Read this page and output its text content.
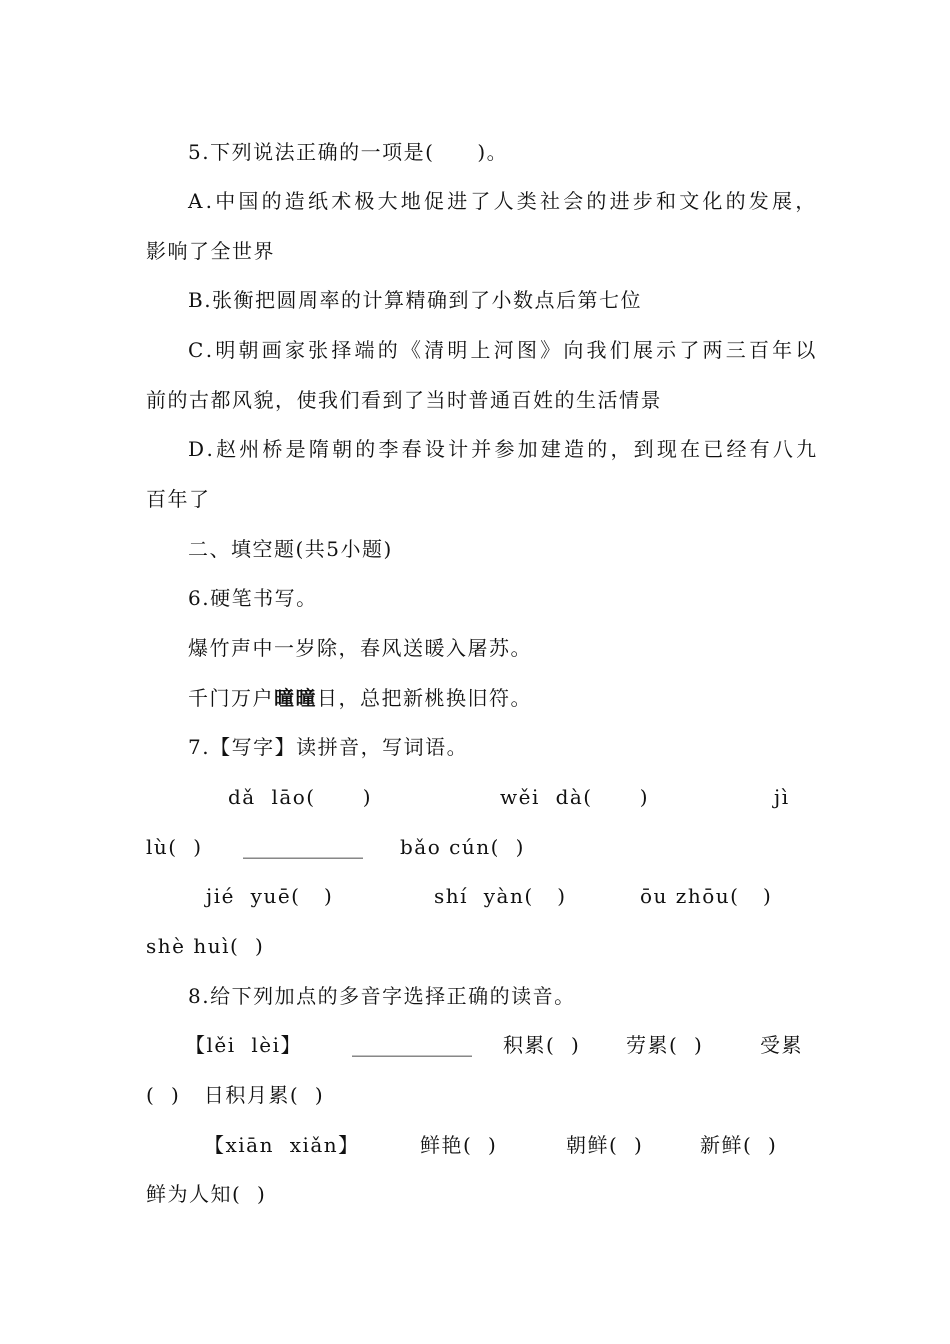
5.下列说法正确的一项是(　　)。
A.中国的造纸术极大地促进了人类社会的进步和文化的发展，
影响了全世界
B.张衡把圆周率的计算精确到了小数点后第七位
C.明朝画家张择端的《清明上河图》向我们展示了两三百年以
前的古都风貌，使我们看到了当时普通百姓的生活情景
D.赵州桥是隋朝的李春设计并参加建造的，到现在已经有八九
百年了
二、填空题(共5小题)
6.硬笔书写。
爆竹声中一岁除，春风送暖入屠苏。
千门万户曈曈日，总把新桃换旧符。
7.【写字】读拼音，写词语。
dǎ  lāo(      )	wěi  dà(      )	jì
lù(  ) ____________ bǎo cún(  )
jié  yuē(   )	shí  yàn(   )	ōu zhōu(   )
shè huì(  )
8.给下列加点的多音字选择正确的读音。
【lěi  lèi】	____________ 积累(  ) 劳累(  )	受累
(  )   日积月累(  )
【xiān  xiǎn】	鲜艳(  )	朝鲜(  )	新鲜(  )
鲜为人知(  )
